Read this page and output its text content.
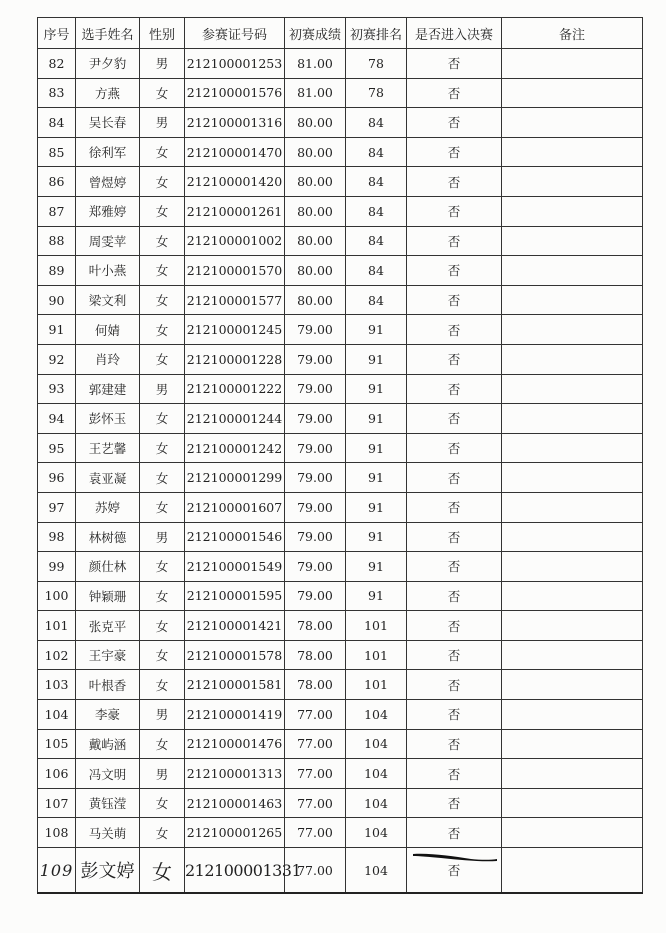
序号	选手姓名	性别	参赛证号码	初赛成绩	初赛排名	是否进入决赛	备注
82	尹夕豹	男	212100001253	81.00	78	否	
83	方燕	女	212100001576	81.00	78	否	
84	吴长春	男	212100001316	80.00	84	否	
85	徐利军	女	212100001470	80.00	84	否	
86	曾煜婷	女	212100001420	80.00	84	否	
87	郑雅婷	女	212100001261	80.00	84	否	
88	周雯苹	女	212100001002	80.00	84	否	
89	叶小燕	女	212100001570	80.00	84	否	
90	梁文利	女	212100001577	80.00	84	否	
91	何婧	女	212100001245	79.00	91	否	
92	肖玲	女	212100001228	79.00	91	否	
93	郭建建	男	212100001222	79.00	91	否	
94	彭怀玉	女	212100001244	79.00	91	否	
95	王艺馨	女	212100001242	79.00	91	否	
96	袁亚凝	女	212100001299	79.00	91	否	
97	苏婷	女	212100001607	79.00	91	否	
98	林树德	男	212100001546	79.00	91	否	
99	颜仕林	女	212100001549	79.00	91	否	
100	钟颖珊	女	212100001595	79.00	91	否	
101	张克平	女	212100001421	78.00	101	否	
102	王宇豪	女	212100001578	78.00	101	否	
103	叶根香	女	212100001581	78.00	101	否	
104	李豪	男	212100001419	77.00	104	否	
105	戴屿涵	女	212100001476	77.00	104	否	
106	冯文明	男	212100001313	77.00	104	否	
107	黄钰滢	女	212100001463	77.00	104	否	
108	马关萌	女	212100001265	77.00	104	否	
109	彭文婷	女	212100001331	77.00	104	否	
